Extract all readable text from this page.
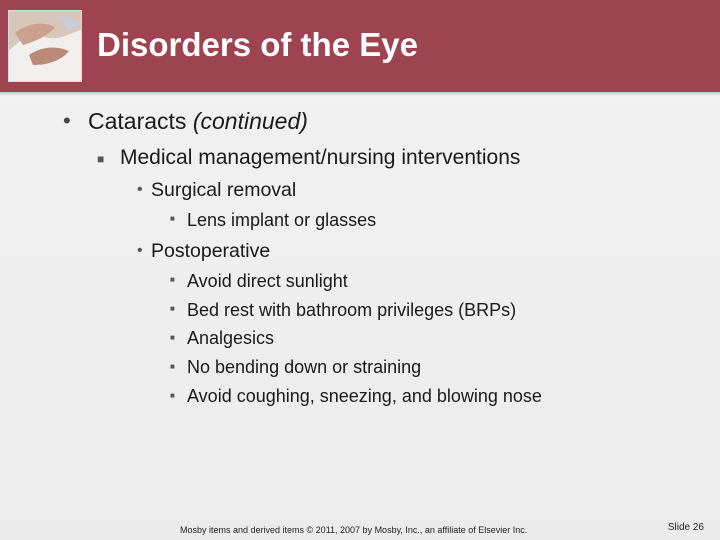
Disorders of the Eye
• Cataracts (continued)
■ Medical management/nursing interventions
• Surgical removal
■ Lens implant or glasses
• Postoperative
■ Avoid direct sunlight
■ Bed rest with bathroom privileges (BRPs)
■ Analgesics
■ No bending down or straining
■ Avoid coughing, sneezing, and blowing nose
Mosby items and derived items © 2011, 2007 by Mosby, Inc., an affiliate of Elsevier Inc.	Slide 26
